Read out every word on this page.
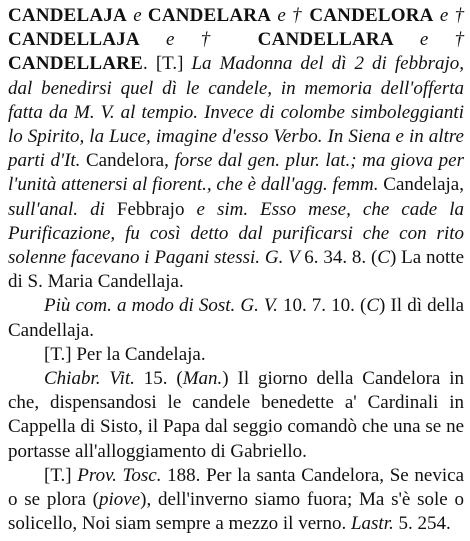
CANDELAJA e CANDELARA e † CANDELORA e † CANDELLAJA e † CANDELLARA e † CANDELLARE. [T.] La Madonna del dì 2 di febbrajo, dal benedirsi quel dì le candele, in memoria dell'offerta fatta da M. V. al tempio. Invece di colombe simboleggianti lo Spirito, la Luce, imagine d'esso Verbo. In Siena e in altre parti d'It. Candelora, forse dal gen. plur. lat.; ma giova per l'unità attenersi al fiorent., che è dall'agg. femm. Candelaja, sull'anal. di Febbrajo e sim. Esso mese, che cade la Purificazione, fu così detto dal purificarsi che con rito solenne facevano i Pagani stessi. G. V 6. 34. 8. (C) La notte di S. Maria Candellaja.

Più com. a modo di Sost. G. V. 10. 7. 10. (C) Il dì della Candellaja.

[T.] Per la Candelaja.

Chiabr. Vit. 15. (Man.) Il giorno della Candelora in che, dispensandosi le candele benedette a' Cardinali in Cappella di Sisto, il Papa dal seggio comandò che una se ne portasse all'alloggiamento di Gabriello.

[T.] Prov. Tosc. 188. Per la santa Candelora, Se nevica o se plora (piove), dell'inverno siamo fuora; Ma s'è sole o solicello, Noi siam sempre a mezzo il verno. Lastr. 5. 254.
